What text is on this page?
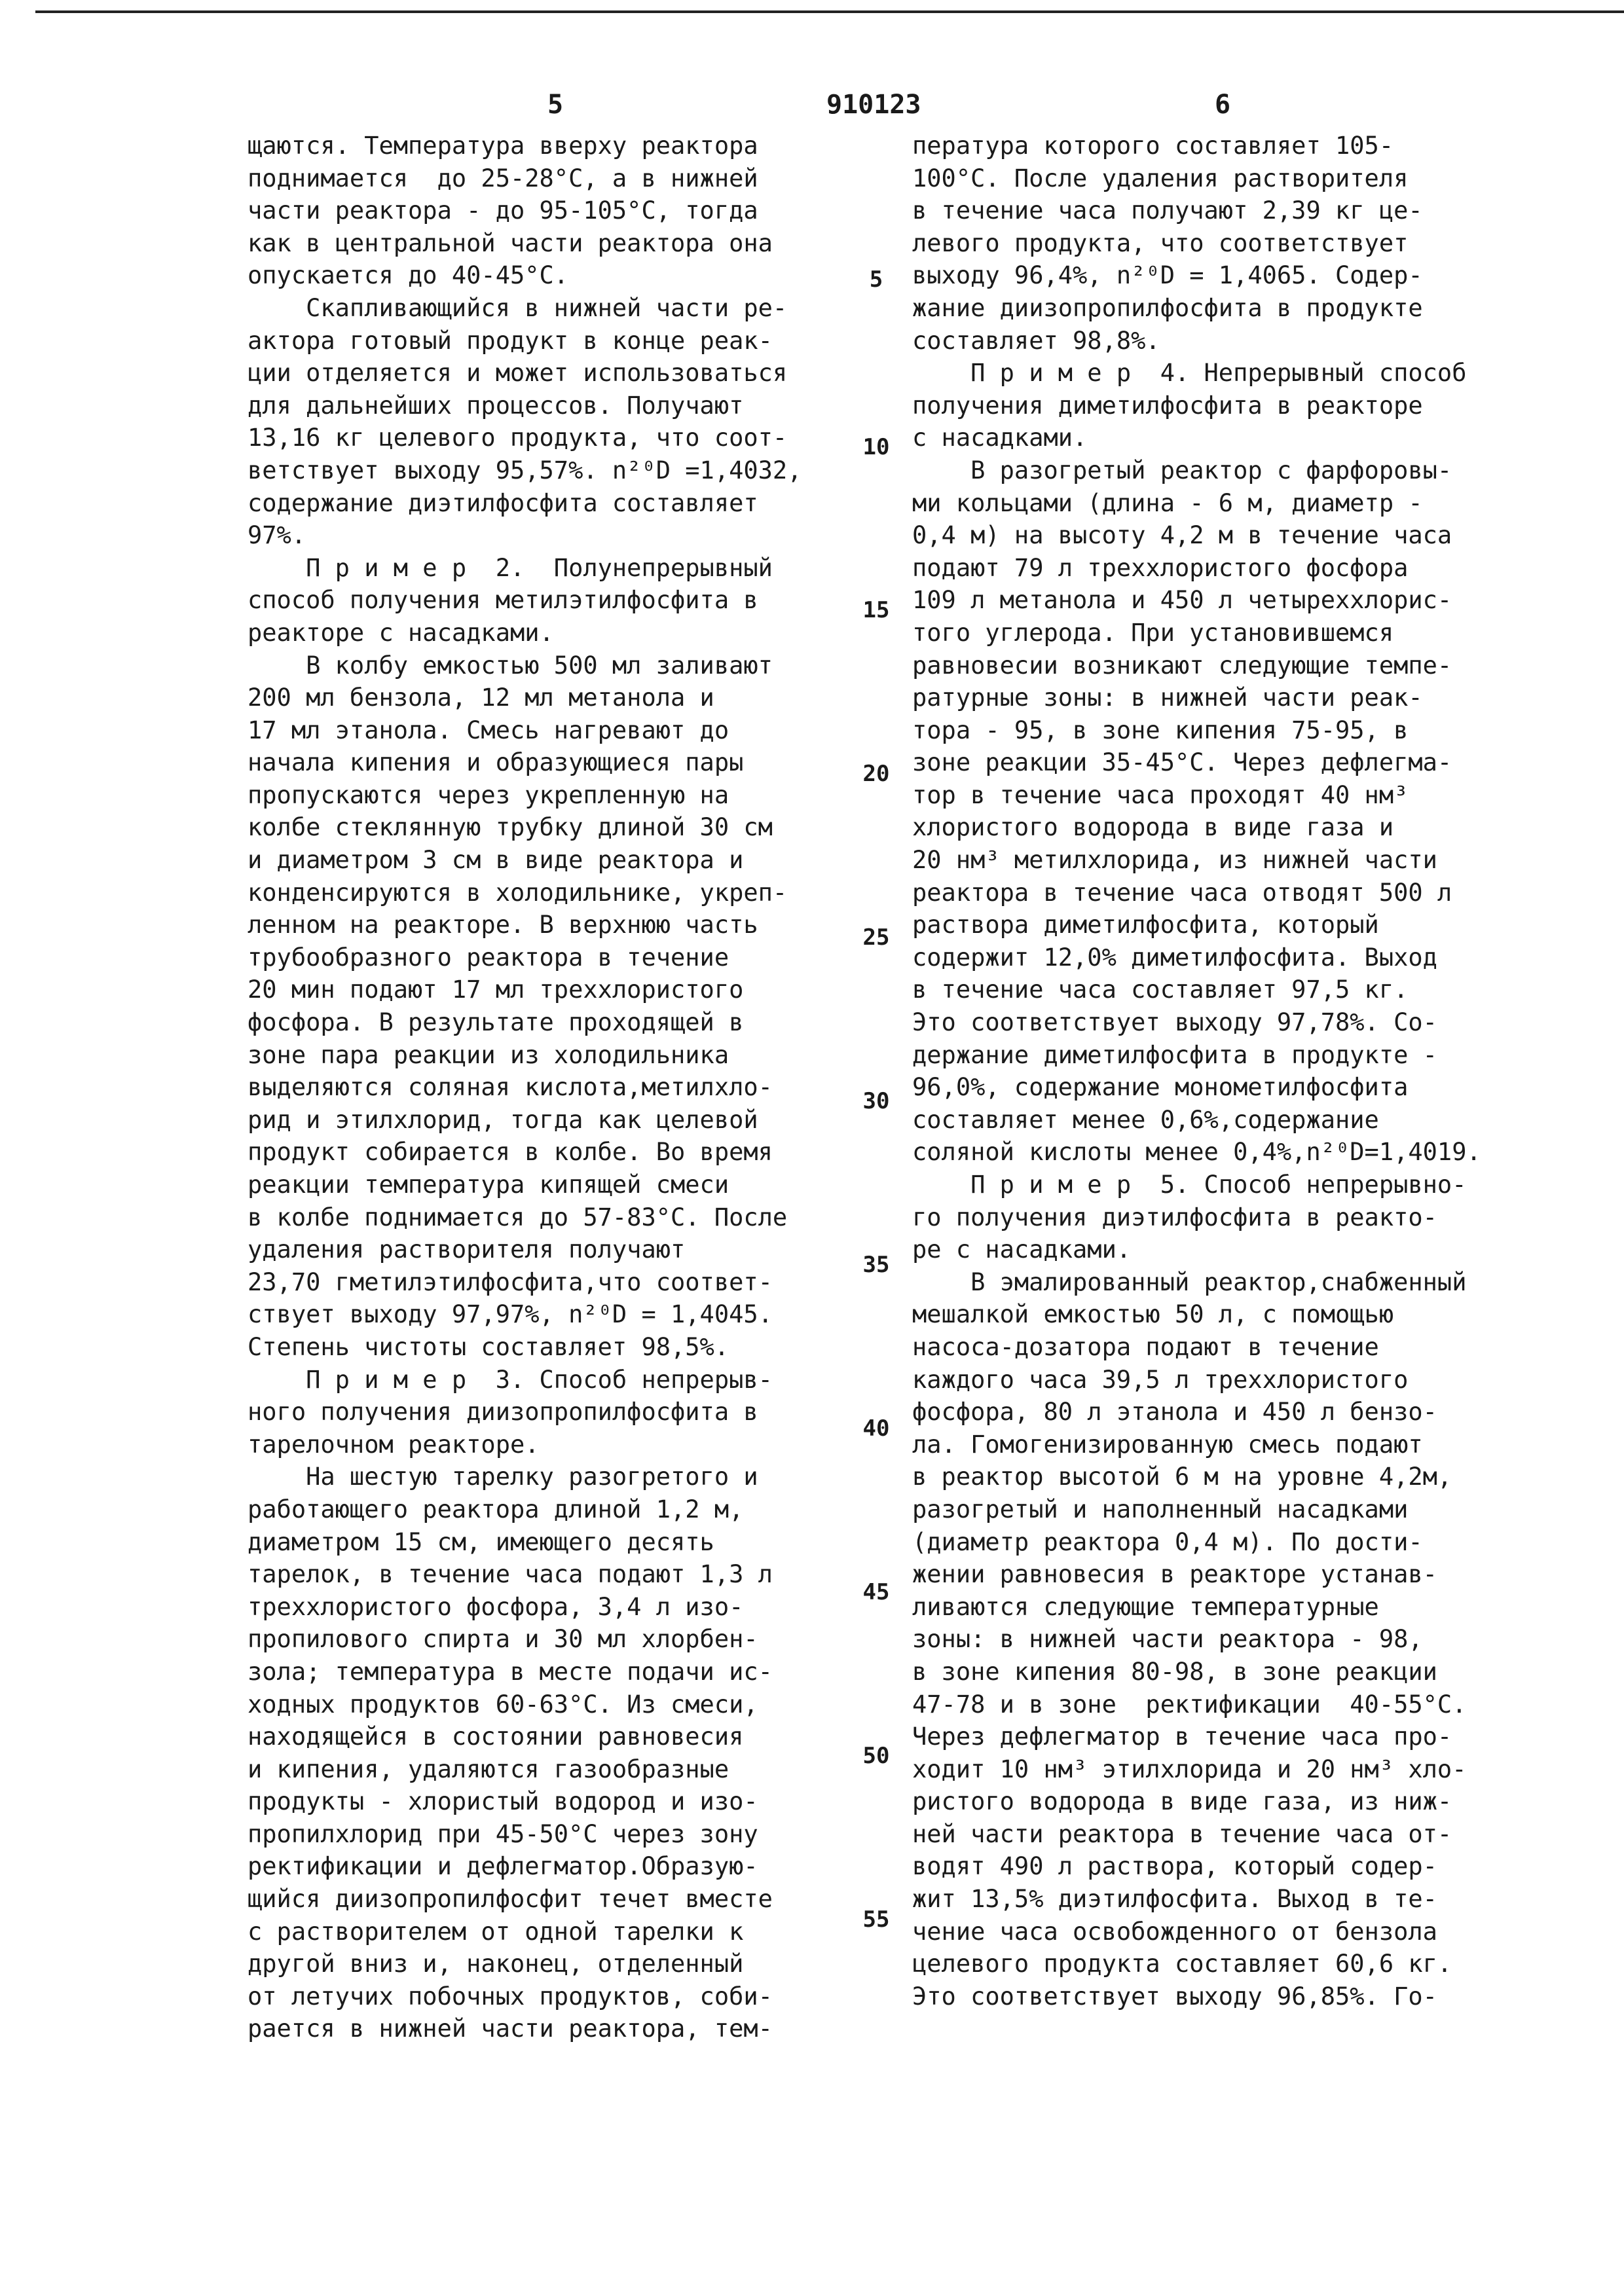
5	910123	6

щаются. Температура вверху реактора

поднимается  до 25-28°С, а в нижней

части реактора - до 95-105°С, тогда

как в центральной части реактора она

опускается до 40-45°С.

Скапливающийся в нижней части ре-

актора готовый продукт в конце реак-

ции отделяется и может использоваться

для дальнейших процессов. Получают

13,16 кг целевого продукта, что соот-

ветствует выходу 95,57%. n²⁰D =1,4032,

содержание диэтилфосфита составляет

97%.

П р и м е р  2.  Полунепрерывный

способ получения метилэтилфосфита в

реакторе с насадками.

В колбу емкостью 500 мл заливают

200 мл бензола, 12 мл метанола и

17 мл этанола. Смесь нагревают до

начала кипения и образующиеся пары

пропускаются через укрепленную на

колбе стеклянную трубку длиной 30 см

и диаметром 3 см в виде реактора и

конденсируются в холодильнике, укреп-

ленном на реакторе. В верхнюю часть

трубообразного реактора в течение

20 мин подают 17 мл треххлористого

фосфора. В результате проходящей в

зоне пара реакции из холодильника

выделяются соляная кислота,метилхло-

рид и этилхлорид, тогда как целевой

продукт собирается в колбе. Во время

реакции температура кипящей смеси

в колбе поднимается до 57-83°С. После

удаления растворителя получают

23,70 гметилэтилфосфита,что соответ-

ствует выходу 97,97%, n²⁰D = 1,4045.

Степень чистоты составляет 98,5%.

П р и м е р  3. Способ непрерыв-

ного получения диизопропилфосфита в

тарелочном реакторе.

На шестую тарелку разогретого и

работающего реактора длиной 1,2 м,

диаметром 15 см, имеющего десять

тарелок, в течение часа подают 1,3 л

треххлористого фосфора, 3,4 л изо-

пропилового спирта и 30 мл хлорбен-

зола; температура в месте подачи ис-

ходных продуктов 60-63°С. Из смеси,

находящейся в состоянии равновесия

и кипения, удаляются газообразные

продукты - хлористый водород и изо-

пропилхлорид при 45-50°С через зону

ректификации и дефлегматор.Образую-

щийся диизопропилфосфит течет вместе

с растворителем от одной тарелки к

другой вниз и, наконец, отделенный

от летучих побочных продуктов, соби-

рается в нижней части реактора, тем-

пература которого составляет 105-

100°С. После удаления растворителя

в течение часа получают 2,39 кг це-

левого продукта, что соответствует

выходу 96,4%, n²⁰D = 1,4065. Содер-

жание диизопропилфосфита в продукте

составляет 98,8%.

П р и м е р  4. Непрерывный способ

получения диметилфосфита в реакторе

с насадками.

В разогретый реактор с фарфоровы-

ми кольцами (длина - 6 м, диаметр -

0,4 м) на высоту 4,2 м в течение часа

подают 79 л треххлористого фосфора

109 л метанола и 450 л четыреххлорис-

того углерода. При установившемся

равновесии возникают следующие темпе-

ратурные зоны: в нижней части реак-

тора - 95, в зоне кипения 75-95, в

зоне реакции 35-45°С. Через дефлегма-

тор в течение часа проходят 40 нм³

хлористого водорода в виде газа и

20 нм³ метилхлорида, из нижней части

реактора в течение часа отводят 500 л

раствора диметилфосфита, который

содержит 12,0% диметилфосфита. Выход

в течение часа составляет 97,5 кг.

Это соответствует выходу 97,78%. Со-

держание диметилфосфита в продукте -

96,0%, содержание монометилфосфита

составляет менее 0,6%,содержание

соляной кислоты менее 0,4%,n²⁰D=1,4019.

П р и м е р  5. Способ непрерывно-

го получения диэтилфосфита в реакто-

ре с насадками.

В эмалированный реактор,снабженный

мешалкой емкостью 50 л, с помощью

насоса-дозатора подают в течение

каждого часа 39,5 л треххлористого

фосфора, 80 л этанола и 450 л бензо-

ла. Гомогенизированную смесь подают

в реактор высотой 6 м на уровне 4,2м,

разогретый и наполненный насадками

(диаметр реактора 0,4 м). По дости-

жении равновесия в реакторе устанав-

ливаются следующие температурные

зоны: в нижней части реактора - 98,

в зоне кипения 80-98, в зоне реакции

47-78 и в зоне  ректификации  40-55°С.

Через дефлегматор в течение часа про-

ходит 10 нм³ этилхлорида и 20 нм³ хло-

ристого водорода в виде газа, из ниж-

ней части реактора в течение часа от-

водят 490 л раствора, который содер-

жит 13,5% диэтилфосфита. Выход в те-

чение часа освобожденного от бензола

целевого продукта составляет 60,6 кг.

Это соответствует выходу 96,85%. Го-

5
10
15
20
25
30
35
40
45
50
55
